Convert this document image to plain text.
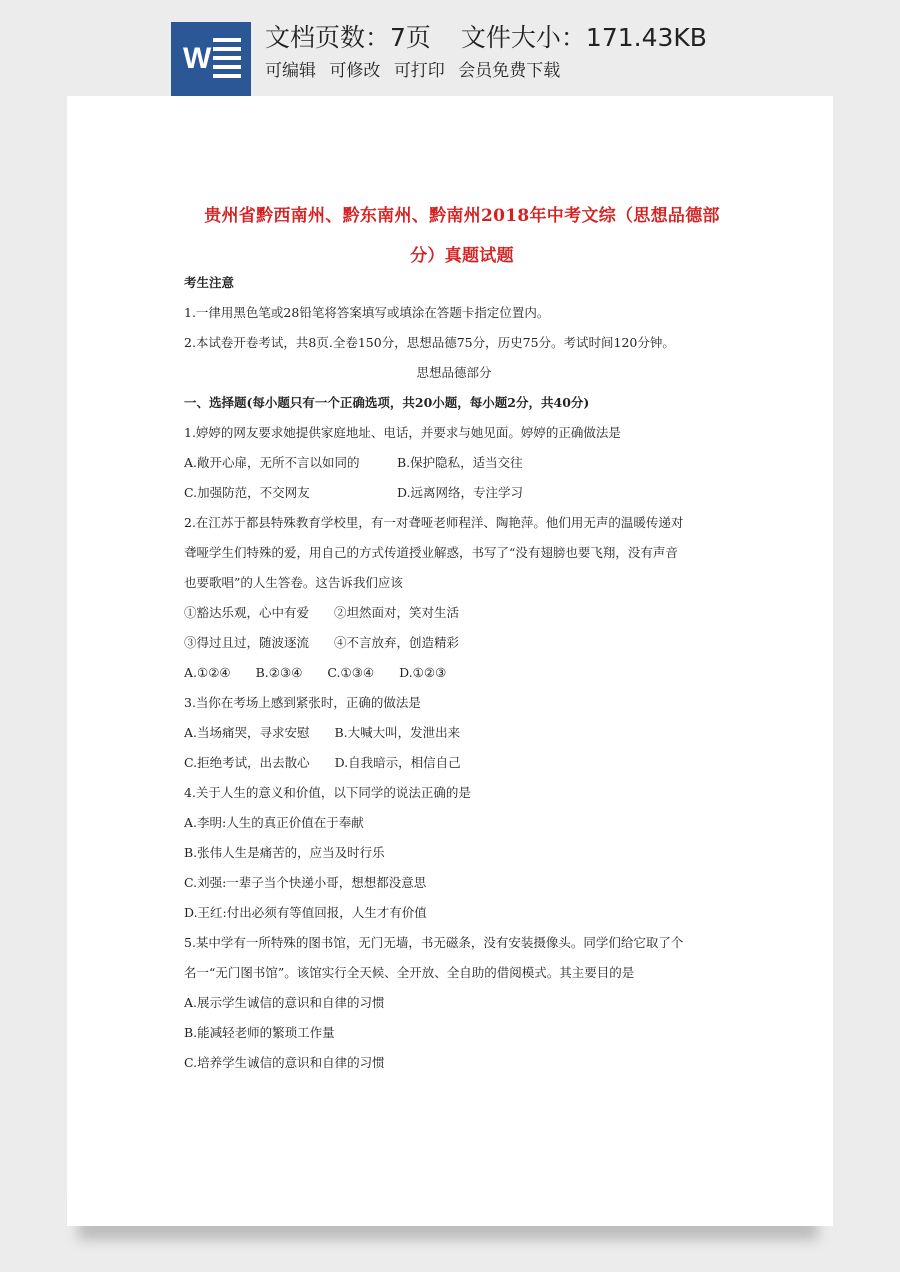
W
文档页数：7页 文件大小：171.43KB
可编辑 可修改 可打印 会员免费下载
贵州省黔西南州、黔东南州、黔南州2018年中考文综（思想品德部
分）真题试题
考生注意
1.一律用黑色笔或28铅笔将答案填写或填涂在答题卡指定位置内。
2.本试卷开卷考试，共8页.全卷150分，思想品德75分，历史75分。考试时间120分钟。
思想品德部分
一、选择题(每小题只有一个正确选项，共20小题，每小题2分，共40分)
1.婷婷的网友要求她提供家庭地址、电话，并要求与她见面。婷婷的正确做法是
A.敞开心扉，无所不言以如同的	B.保护隐私，适当交往
C.加强防范，不交网友	D.远离网络，专注学习
2.在江苏于都县特殊教育学校里，有一对聋哑老师程洋、陶艳萍。他们用无声的温暖传递对
聋哑学生们特殊的爱，用自己的方式传道授业解惑，书写了“没有翅膀也要飞翔，没有声音
也要歌唱”的人生答卷。这告诉我们应该
①豁达乐观，心中有爱　　②坦然面对，笑对生活
③得过且过，随波逐流　　④不言放弃，创造精彩
A.①②④　　B.②③④　　C.①③④　　D.①②③
3.当你在考场上感到紧张时，正确的做法是
A.当场痛哭，寻求安慰　　B.大喊大叫，发泄出来
C.拒绝考试，出去散心　　D.自我暗示，相信自己
4.关于人生的意义和价值，以下同学的说法正确的是
A.李明:人生的真正价值在于奉献
B.张伟人生是痛苦的，应当及时行乐
C.刘强:一辈子当个快递小哥，想想都没意思
D.王红:付出必须有等值回报，人生才有价值
5.某中学有一所特殊的图书馆，无门无墙，书无磁条，没有安装摄像头。同学们给它取了个
名一“无门图书馆”。该馆实行全天候、全开放、全自助的借阅模式。其主要目的是
A.展示学生诚信的意识和自律的习惯
B.能减轻老师的繁琐工作量
C.培养学生诚信的意识和自律的习惯
